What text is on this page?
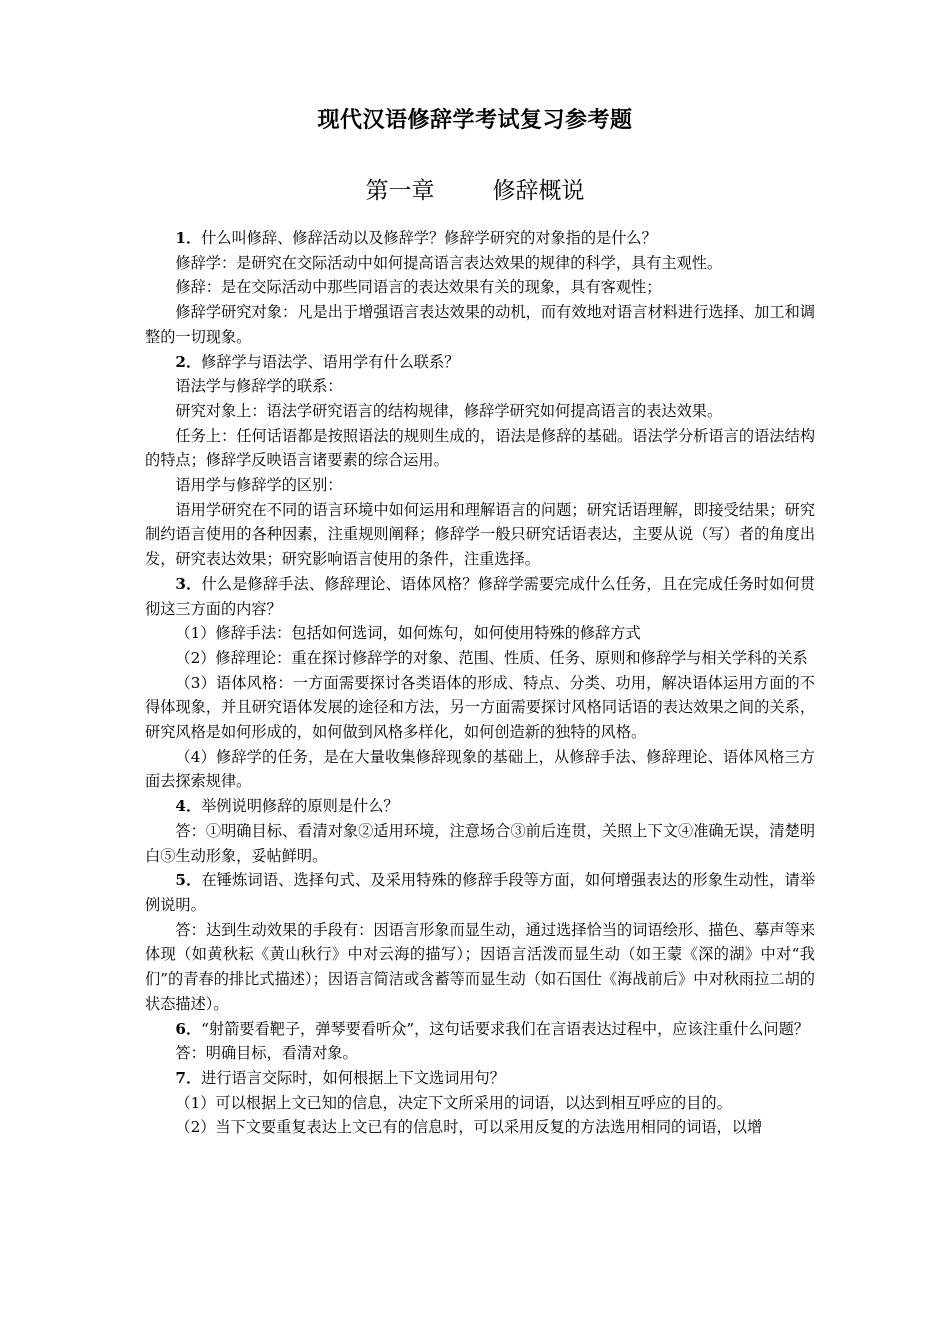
现代汉语修辞学考试复习参考题
第一章	修辞概说

1．什么叫修辞、修辞活动以及修辞学？修辞学研究的对象指的是什么？

修辞学：是研究在交际活动中如何提高语言表达效果的规律的科学，具有主观性。

修辞：是在交际活动中那些同语言的表达效果有关的现象，具有客观性；

修辞学研究对象：凡是出于增强语言表达效果的动机，而有效地对语言材料进行选择、加工和调整的一切现象。

2．修辞学与语法学、语用学有什么联系？

语法学与修辞学的联系：

研究对象上：语法学研究语言的结构规律，修辞学研究如何提高语言的表达效果。

任务上：任何话语都是按照语法的规则生成的，语法是修辞的基础。语法学分析语言的语法结构的特点；修辞学反映语言诸要素的综合运用。

语用学与修辞学的区别：

语用学研究在不同的语言环境中如何运用和理解语言的问题；研究话语理解，即接受结果；研究制约语言使用的各种因素，注重规则阐释；修辞学一般只研究话语表达，主要从说（写）者的角度出发，研究表达效果；研究影响语言使用的条件，注重选择。

3．什么是修辞手法、修辞理论、语体风格？修辞学需要完成什么任务，且在完成任务时如何贯彻这三方面的内容？

（1）修辞手法：包括如何选词，如何炼句，如何使用特殊的修辞方式

（2）修辞理论：重在探讨修辞学的对象、范围、性质、任务、原则和修辞学与相关学科的关系

（3）语体风格：一方面需要探讨各类语体的形成、特点、分类、功用，解决语体运用方面的不得体现象，并且研究语体发展的途径和方法，另一方面需要探讨风格同话语的表达效果之间的关系，研究风格是如何形成的，如何做到风格多样化，如何创造新的独特的风格。

（4）修辞学的任务，是在大量收集修辞现象的基础上，从修辞手法、修辞理论、语体风格三方面去探索规律。

4．举例说明修辞的原则是什么？

答：①明确目标、看清对象②适用环境，注意场合③前后连贯，关照上下文④准确无误，清楚明白⑤生动形象，妥帖鲜明。

5．在锤炼词语、选择句式、及采用特殊的修辞手段等方面，如何增强表达的形象生动性，请举例说明。

答：达到生动效果的手段有：因语言形象而显生动，通过选择恰当的词语绘形、描色、摹声等来体现（如黄秋耘《黄山秋行》中对云海的描写）；因语言活泼而显生动（如王蒙《深的湖》中对“我们”的青春的排比式描述）；因语言简洁或含蓄等而显生动（如石国仕《海战前后》中对秋雨拉二胡的状态描述）。

6．“射箭要看靶子，弹琴要看听众”，这句话要求我们在言语表达过程中，应该注重什么问题？

答：明确目标，看清对象。

7．进行语言交际时，如何根据上下文选词用句？

（1）可以根据上文已知的信息，决定下文所采用的词语，以达到相互呼应的目的。

（2）当下文要重复表达上文已有的信息时，可以采用反复的方法选用相同的词语，以增
